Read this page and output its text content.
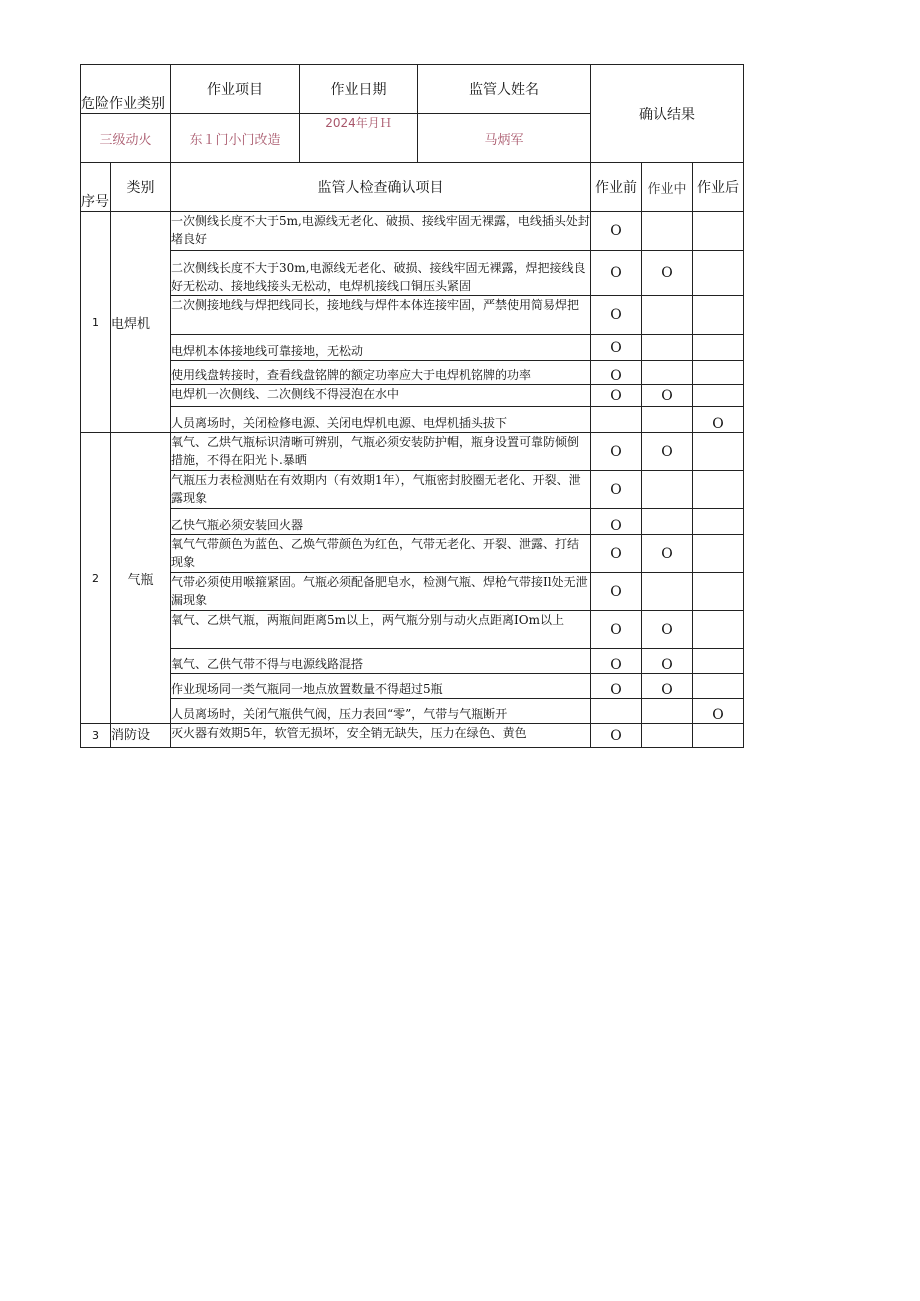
危险作业类别		作业项目	作业日期	监管人姓名	确认结果		
三级动火		东１门小门改造	2024年月Ｈ	马炳军			
序号	类别	监管人检查确认项目			作业前	作业中	作业后
1	电焊机	一次侧线长度不大于5m,电源线无老化、破损、接线牢固无裸露，电线插头处封堵良好			O		
		二次侧线长度不大于30m,电源线无老化、破损、接线牢固无裸露，焊把接线良好无松动、接地线接头无松动，电焊机接线口铜压头紧固			O	O	
		二次侧接地线与焊把线同长，接地线与焊件本体连接牢固，严禁使用简易焊把			O		
		电焊机本体接地线可靠接地，无松动			O		
		使用线盘转接时，查看线盘铭牌的额定功率应大于电焊机铭牌的功率			O		
		电焊机一次侧线、二次侧线不得浸泡在水中			O	O	
		人员离场时，关闭检修电源、关闭电焊机电源、电焊机插头拔下					O
2	气瓶	氧气、乙烘气瓶标识清晰可辨别，气瓶必须安装防护帽，瓶身设置可靠防倾倒措施，不得在阳光卜.暴晒			O	O	
		气瓶压力表检测贴在有效期内（有效期1年），气瓶密封胶圈无老化、开裂、泄露现象			O		
		乙快气瓶必须安装回火器			O		
		氧气气带颜色为蓝色、乙焕气带颜色为红色，气带无老化、开裂、泄露、打结现象			O	O	
		气带必须使用喉箍紧固。气瓶必须配备肥皂水，检测气瓶、焊枪气带接Il处无泄漏现象			O		
		氧气、乙烘气瓶，两瓶间距离5m以上，两气瓶分别与动火点距离IOm以上			O	O	
		氧气、乙供气带不得与电源线路混搭			O	O	
		作业现场同一类气瓶同一地点放置数量不得超过5瓶			O	O	
		人员离场时，关闭气瓶供气阀，压力表回“零”，气带与气瓶断开					O
3	消防设	灭火器有效期5年，软管无损坏，安全销无缺失，压力在绿色、黄色			O		
